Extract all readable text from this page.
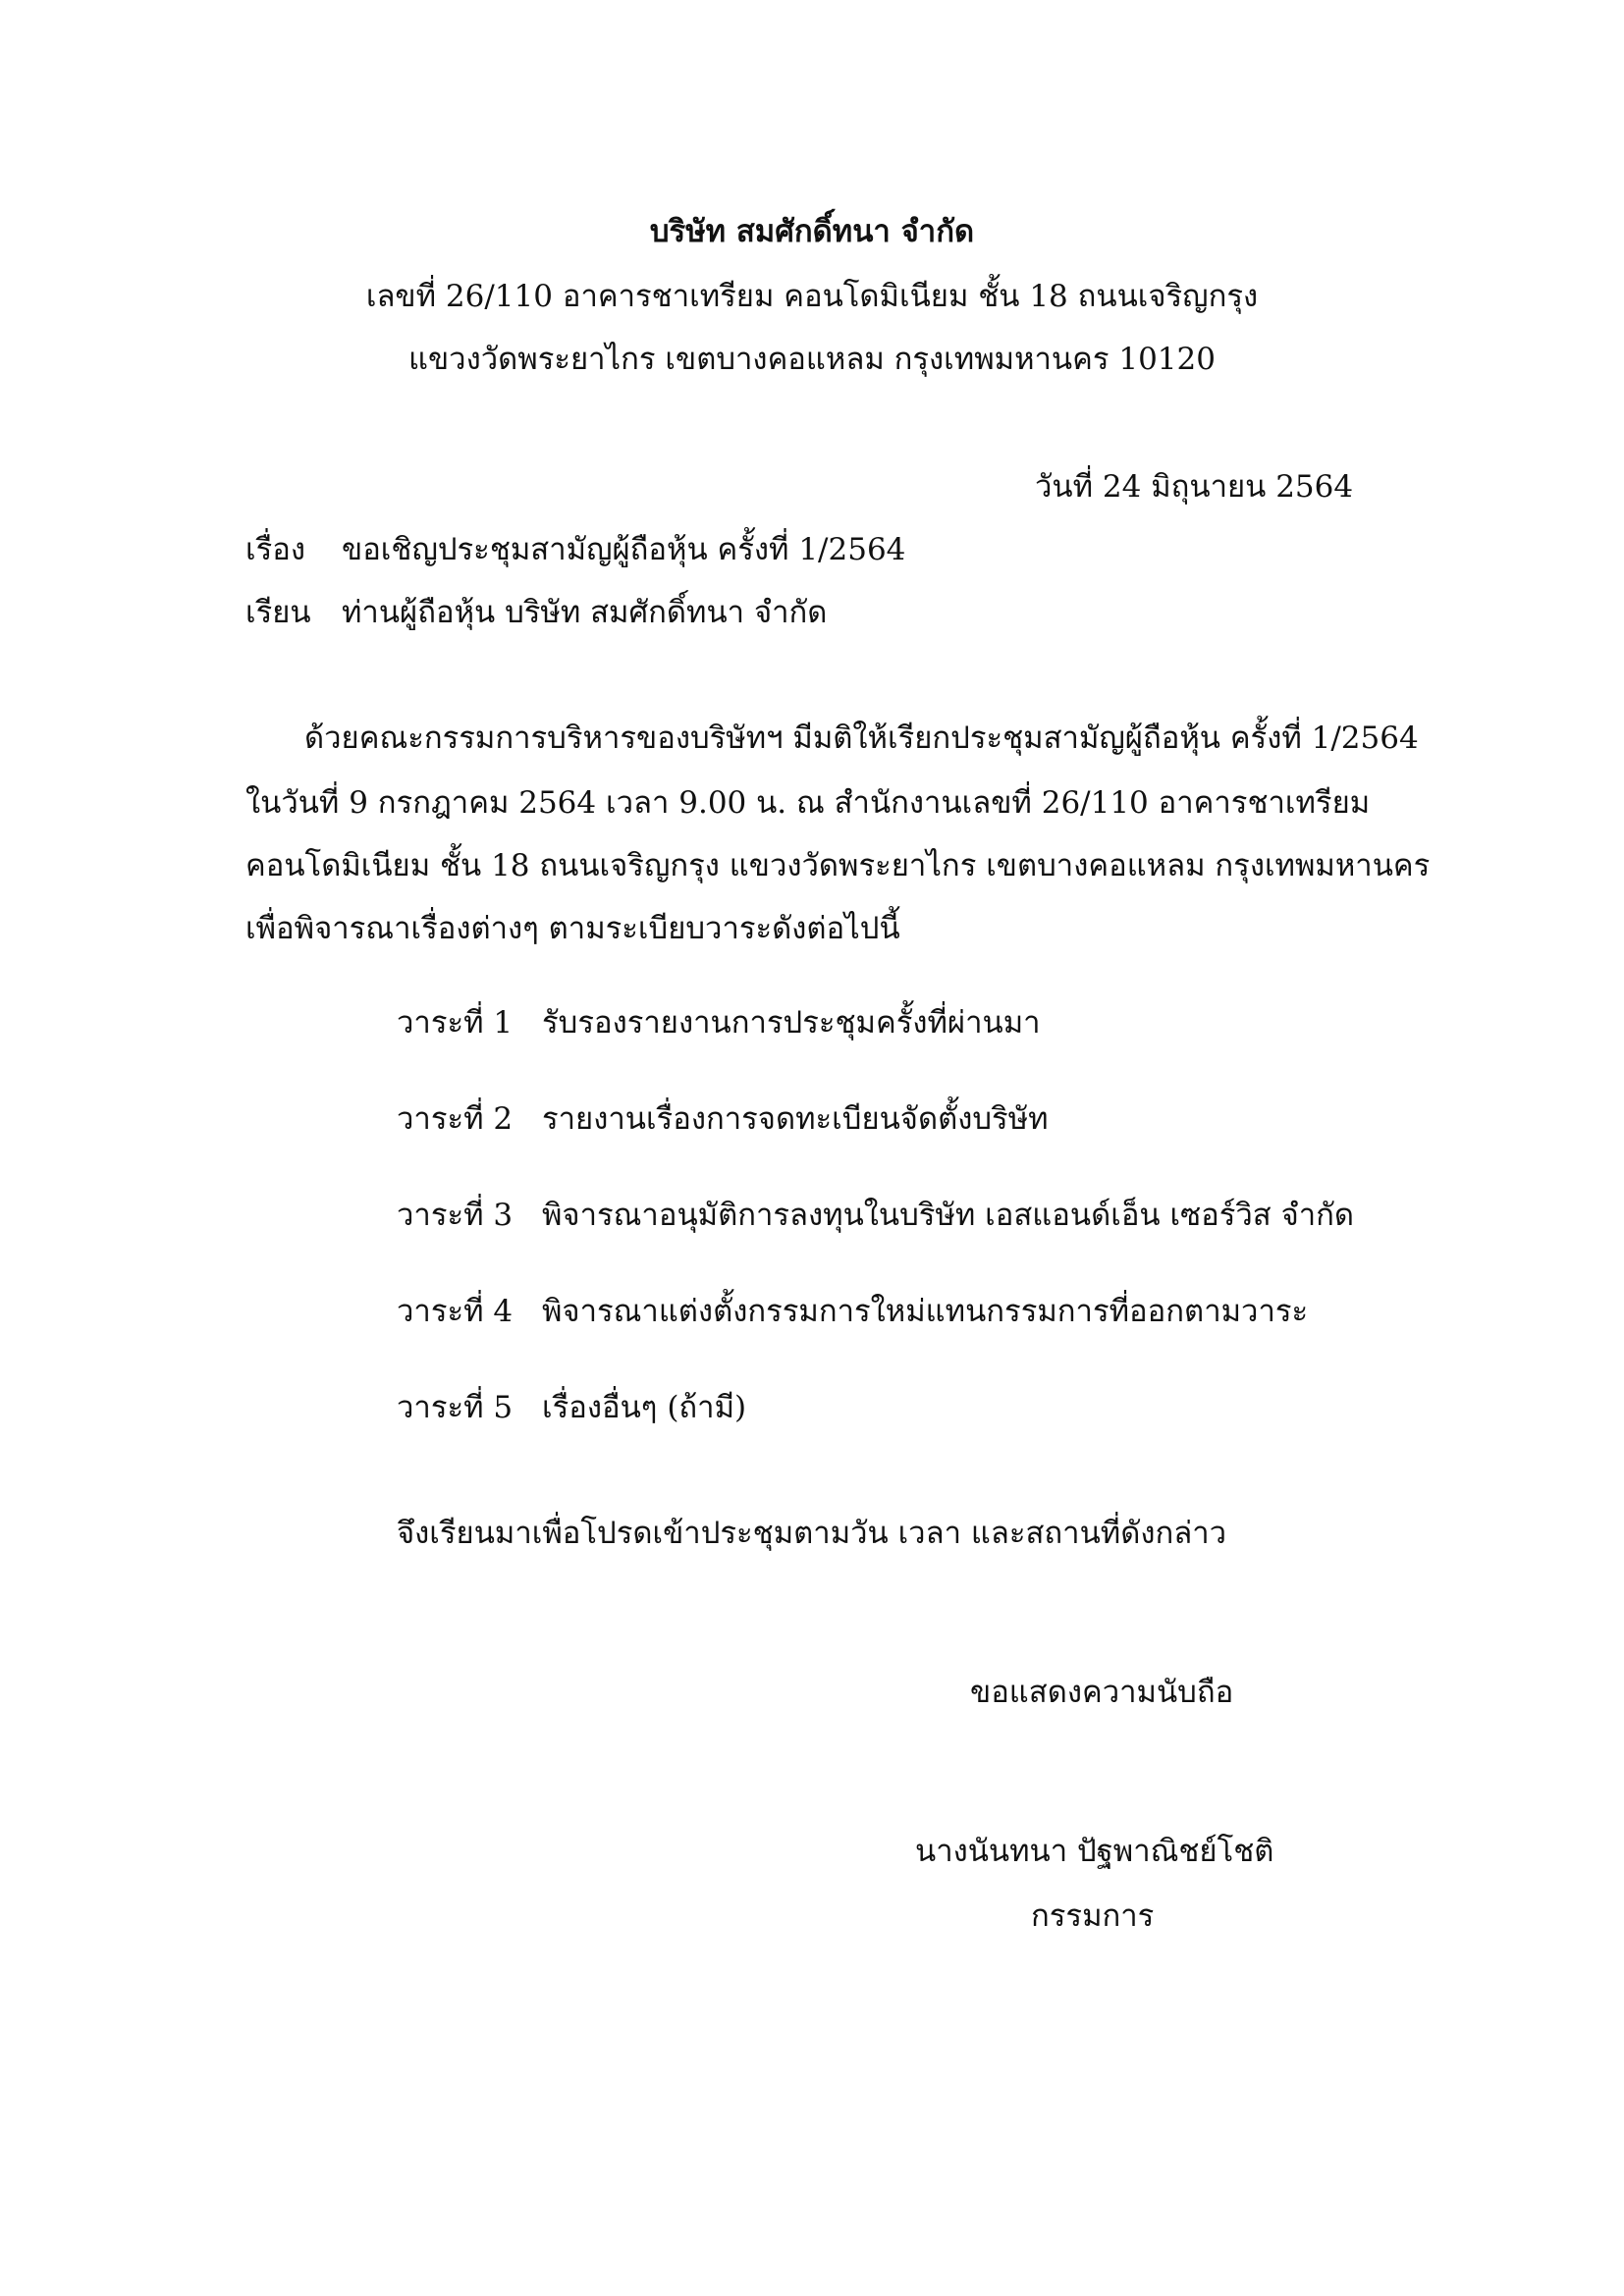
บริษัท สมศักดิ์ทนา จำกัด
เลขที่ 26/110 อาคารชาเทรียม คอนโดมิเนียม ชั้น 18 ถนนเจริญกรุง
แขวงวัดพระยาไกร เขตบางคอแหลม กรุงเทพมหานคร 10120
วันที่ 24 มิถุนายน 2564
เรื่อง ขอเชิญประชุมสามัญผู้ถือหุ้น ครั้งที่ 1/2564
เรียน ท่านผู้ถือหุ้น บริษัท สมศักดิ์ทนา จำกัด
ด้วยคณะกรรมการบริหารของบริษัทฯ มีมติให้เรียกประชุมสามัญผู้ถือหุ้น ครั้งที่ 1/2564
ในวันที่ 9 กรกฎาคม 2564 เวลา 9.00 น. ณ สำนักงานเลขที่ 26/110 อาคารชาเทรียม
คอนโดมิเนียม ชั้น 18 ถนนเจริญกรุง แขวงวัดพระยาไกร เขตบางคอแหลม กรุงเทพมหานคร
เพื่อพิจารณาเรื่องต่างๆ ตามระเบียบวาระดังต่อไปนี้
วาระที่ 1 รับรองรายงานการประชุมครั้งที่ผ่านมา
วาระที่ 2 รายงานเรื่องการจดทะเบียนจัดตั้งบริษัท
วาระที่ 3 พิจารณาอนุมัติการลงทุนในบริษัท เอสแอนด์เอ็น เซอร์วิส จำกัด
วาระที่ 4 พิจารณาแต่งตั้งกรรมการใหม่แทนกรรมการที่ออกตามวาระ
วาระที่ 5 เรื่องอื่นๆ (ถ้ามี)
จึงเรียนมาเพื่อโปรดเข้าประชุมตามวัน เวลา และสถานที่ดังกล่าว
ขอแสดงความนับถือ
นางนันทนา ปัฐพาณิชย์โชติ
กรรมการ
